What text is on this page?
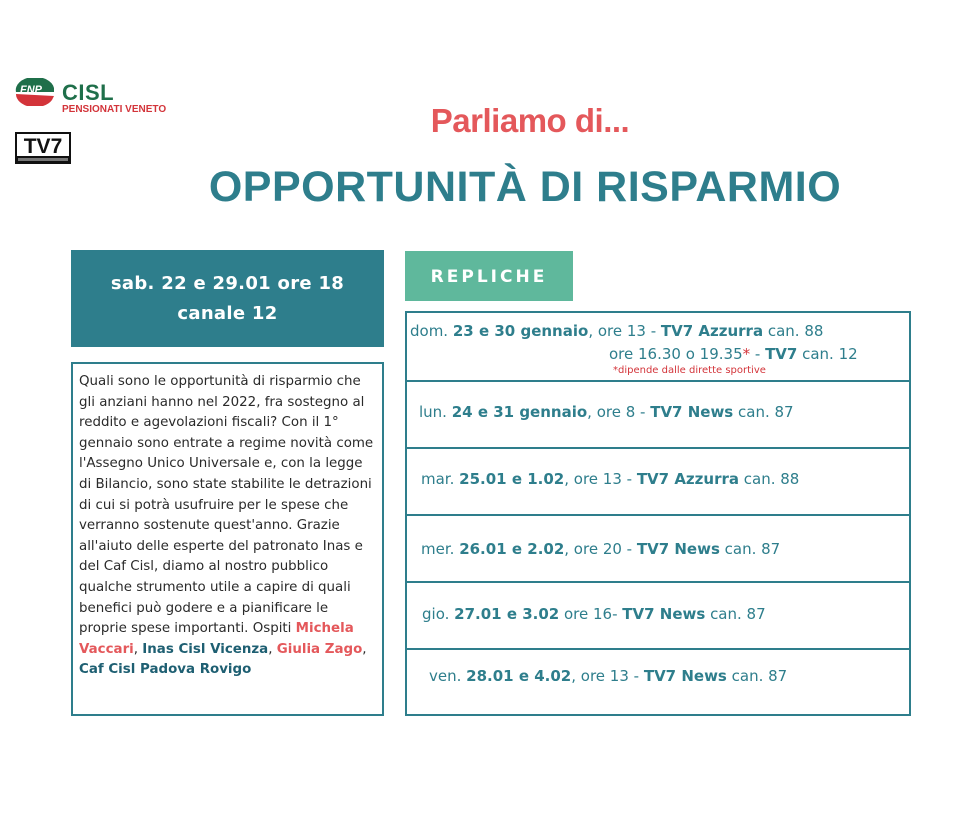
FNP CISL
PENSIONATI VENETO
TV7
Parliamo di...
OPPORTUNITÀ DI RISPARMIO
sab. 22 e 29.01 ore 18
canale 12
Quali sono le opportunità di risparmio che gli anziani hanno nel 2022, fra sostegno al reddito e agevolazioni fiscali? Con il 1° gennaio sono entrate a regime novità come l'Assegno Unico Universale e, con la legge di Bilancio, sono state stabilite le detrazioni di cui si potrà usufruire per le spese che verranno sostenute quest'anno. Grazie all'aiuto delle esperte del patronato Inas e del Caf Cisl, diamo al nostro pubblico qualche strumento utile a capire di quali benefici può godere e a pianificare le proprie spese importanti. Ospiti Michela Vaccari, Inas Cisl Vicenza, Giulia Zago, Caf Cisl Padova Rovigo
REPLICHE
dom. 23 e 30 gennaio, ore 13 - TV7 Azzurra can. 88
ore 16.30 o 19.35* - TV7 can. 12
*dipende dalle dirette sportive
lun. 24 e 31 gennaio, ore 8 - TV7 News can. 87
mar. 25.01 e 1.02, ore 13 - TV7 Azzurra can. 88
mer. 26.01 e 2.02, ore 20 - TV7 News can. 87
gio. 27.01 e 3.02 ore 16- TV7 News can. 87
ven. 28.01 e 4.02, ore 13 - TV7 News can. 87
